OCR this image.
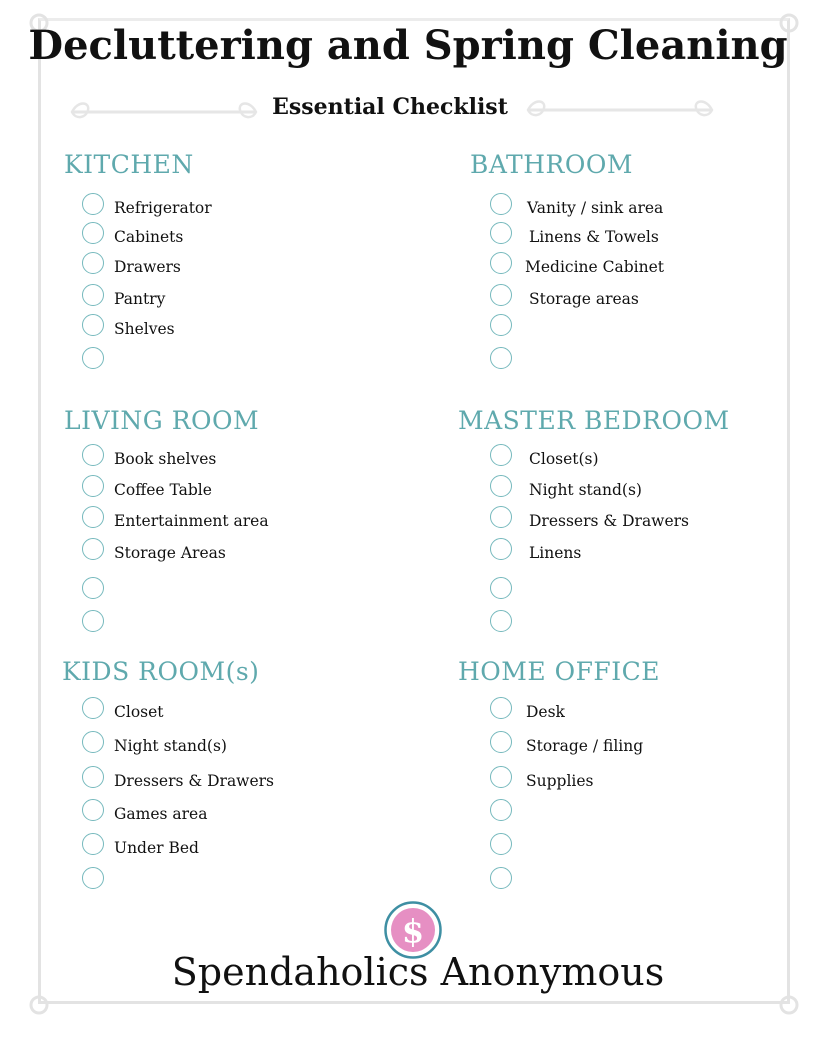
Decluttering and Spring Cleaning
Essential Checklist
KITCHEN
Refrigerator
Cabinets
Drawers
Pantry
Shelves
BATHROOM
Vanity / sink area
Linens & Towels
Medicine Cabinet
Storage areas
LIVING ROOM
Book shelves
Coffee Table
Entertainment area
Storage Areas
MASTER BEDROOM
Closet(s)
Night stand(s)
Dressers & Drawers
Linens
KIDS ROOM(s)
Closet
Night stand(s)
Dressers & Drawers
Games area
Under Bed
HOME OFFICE
Desk
Storage / filing
Supplies
$
Spendaholics Anonymous
